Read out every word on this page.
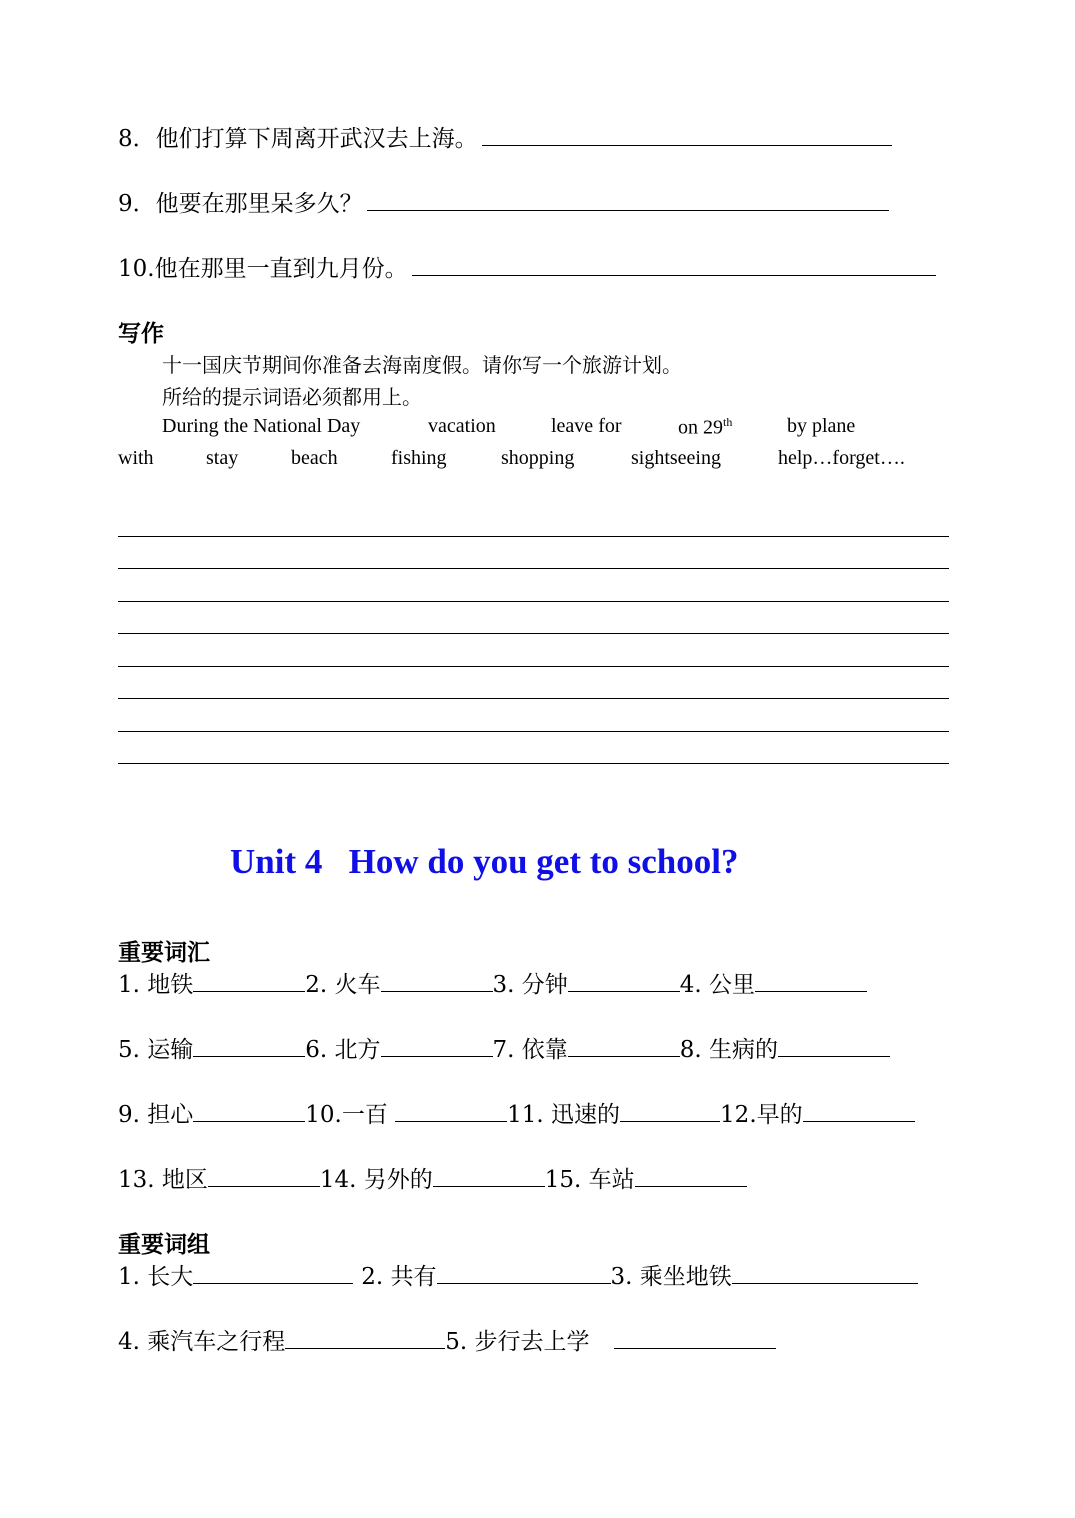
8．他们打算下周离开武汉去上海。
9．他要在那里呆多久？
10.他在那里一直到九月份。
写作
十一国庆节期间你准备去海南度假。请你写一个旅游计划。
所给的提示词语必须都用上。
During the National Day	vacation	leave for	on 29th	by plane
with	stay	beach	fishing	shopping	sightseeing	help…forget….
Unit 4   How do you get to school?
重要词汇
1. 地铁	2. 火车	3. 分钟	4. 公里
5. 运输	6. 北方	7. 依靠	8. 生病的
9. 担心	10.一百	11. 迅速的	12.早的
13. 地区	14. 另外的	15. 车站
重要词组
1. 长大	2. 共有	3. 乘坐地铁
4. 乘汽车之行程	5. 步行去上学
